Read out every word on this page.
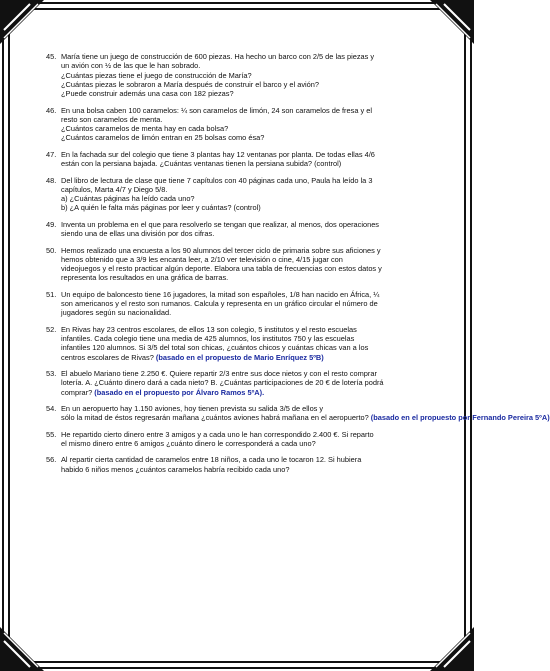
45. María tiene un juego de construcción de 600 piezas. Ha hecho un barco con 2/5 de las piezas y
un avión con ½ de las que le han sobrado.
¿Cuántas piezas tiene el juego de construcción de María?
¿Cuántas piezas le sobraron a María después de construir el barco y el avión?
¿Puede construir además una casa con 182 piezas?
46. En una bolsa caben 100 caramelos: ¼ son caramelos de limón, 24 son caramelos de fresa y el
resto son caramelos de menta.
¿Cuántos caramelos de menta hay en cada bolsa?
¿Cuántos caramelos de limón entran en 25 bolsas como ésa?
47. En la fachada sur del colegio que tiene 3 plantas hay 12 ventanas por planta. De todas ellas 4/6
están con la persiana bajada. ¿Cuántas ventanas tienen la persiana subida? (control)
48. Del libro de lectura de clase que tiene 7 capítulos con 40 páginas cada uno, Paula ha leído la 3
capítulos, Marta 4/7 y Diego 5/8.
a) ¿Cuántas páginas ha leído cada uno?
b) ¿A quién le falta más páginas por leer y cuántas? (control)
49. Inventa un problema en el que para resolverlo se tengan que realizar, al menos, dos operaciones
siendo una de ellas una división por dos cifras.
50. Hemos realizado una encuesta a los 90 alumnos del tercer ciclo de primaria sobre sus aficiones y
hemos obtenido que a 3/9 les encanta leer, a 2/10 ver televisión o cine, 4/15 jugar con
videojuegos y el resto practicar algún deporte. Elabora una tabla de frecuencias con estos datos y
representa los resultados en una gráfica de barras.
51. Un equipo de baloncesto tiene 16 jugadores, la mitad son españoles, 1/8 han nacido en África, ¼
son americanos y el resto son rumanos. Calcula y representa en un gráfico circular el número de
jugadores según su nacionalidad.
52. En Rivas hay 23 centros escolares, de ellos 13 son colegio, 5 institutos y el resto escuelas
infantiles. Cada colegio tiene una media de 425 alumnos, los institutos 750 y las escuelas
infantiles 120 alumnos. Si 3/5 del total son chicas, ¿cuántos chicos y cuántas chicas van a los
centros escolares de Rivas? (basado en el propuesto de Mario Enríquez 5ºB)
53. El abuelo Mariano tiene 2.250 €. Quiere repartir 2/3 entre sus doce nietos y con el resto comprar
lotería. A. ¿Cuánto dinero dará a cada nieto? B. ¿Cuántas participaciones de 20 € de lotería podrá
comprar? (basado en el propuesto por Álvaro Ramos 5ºA).
54. En un aeropuerto hay 1.150 aviones, hoy tienen prevista su salida 3/5 de ellos y
sólo la mitad de éstos regresarán mañana ¿cuántos aviones habrá mañana en el aeropuerto? (basado en el propuesto por Fernando Pereira 5ºA)
55. He repartido cierto dinero entre 3 amigos y a cada uno le han correspondido 2.400 €. Si reparto
el mismo dinero entre 6 amigos ¿cuánto dinero le corresponderá a cada uno?
56. Al repartir cierta cantidad de caramelos entre 18 niños, a cada uno le tocaron 12. Si hubiera
habido 6 niños menos ¿cuántos caramelos habría recibido cada uno?
